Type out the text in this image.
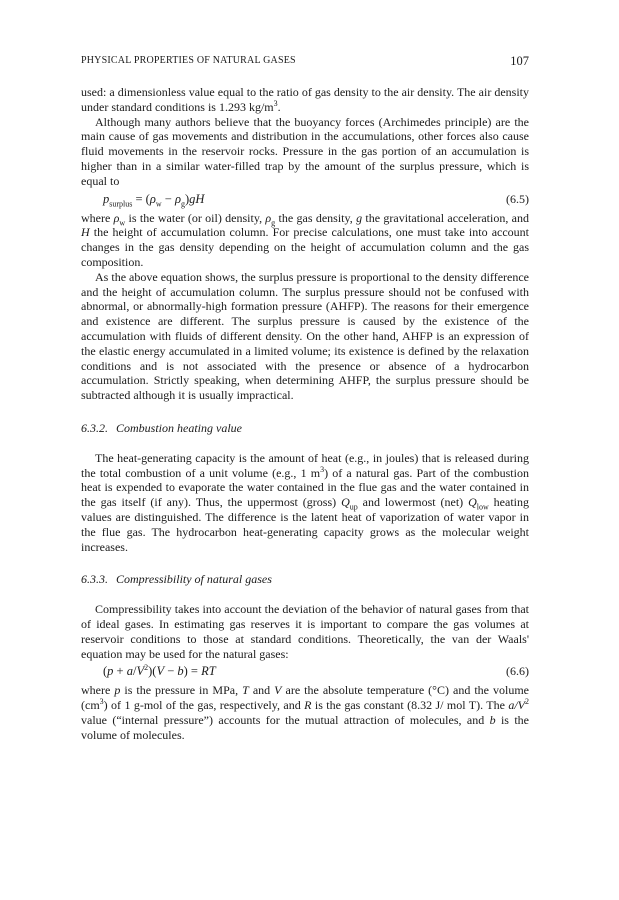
PHYSICAL PROPERTIES OF NATURAL GASES	107

used: a dimensionless value equal to the ratio of gas density to the air density. The air density under standard conditions is 1.293 $kg/m^3$.

Although many authors believe that the buoyancy forces (Archimedes principle) are the main cause of gas movements and distribution in the accumulations, other forces also cause fluid movements in the reservoir rocks. Pressure in the gas portion of an accumulation is higher than in a similar water-filled trap by the amount of the surplus pressure, which is equal to

$p_{surplus} = (\rho_w - \rho_g)gH$	(6.5)

where $\rho_w$ is the water (or oil) density, $\rho_g$ the gas density, g the gravitational acceleration, and H the height of accumulation column. For precise calculations, one must take into account changes in the gas density depending on the height of accumulation column and the gas composition.

As the above equation shows, the surplus pressure is proportional to the density difference and the height of accumulation column. The surplus pressure should not be confused with abnormal, or abnormally-high formation pressure (AHFP). The reasons for their emergence and existence are different. The surplus pressure is caused by the existence of the accumulation with fluids of different density. On the other hand, AHFP is an expression of the elastic energy accumulated in a limited volume; its existence is defined by the relaxation conditions and is not associated with the presence or absence of a hydrocarbon accumulation. Strictly speaking, when determining AHFP, the surplus pressure should be subtracted although it is usually impractical.

6.3.2. Combustion heating value

The heat-generating capacity is the amount of heat (e.g., in joules) that is released during the total combustion of a unit volume (e.g., 1 $m^3$) of a natural gas. Part of the combustion heat is expended to evaporate the water contained in the flue gas and the water contained in the gas itself (if any). Thus, the uppermost (gross) $Q_{up}$ and lowermost (net) $Q_{low}$ heating values are distinguished. The difference is the latent heat of vaporization of water vapor in the flue gas. The hydrocarbon heat-generating capacity grows as the molecular weight increases.

6.3.3. Compressibility of natural gases

Compressibility takes into account the deviation of the behavior of natural gases from that of ideal gases. In estimating gas reserves it is important to compare the gas volumes at reservoir conditions to those at standard conditions. Theoretically, the van der Waals' equation may be used for the natural gases:

$(p + a/V^2)(V - b)$ = RT	(6.6)

where p is the pressure in MPa, T and V are the absolute temperature (°C) and the volume $(cm^3)$ of 1 g-mol of the gas, respectively, and R is the gas constant (8.32 J/ mol T). The $a/V^2$ value (“internal pressure”) accounts for the mutual attraction of molecules, and b is the volume of molecules.
